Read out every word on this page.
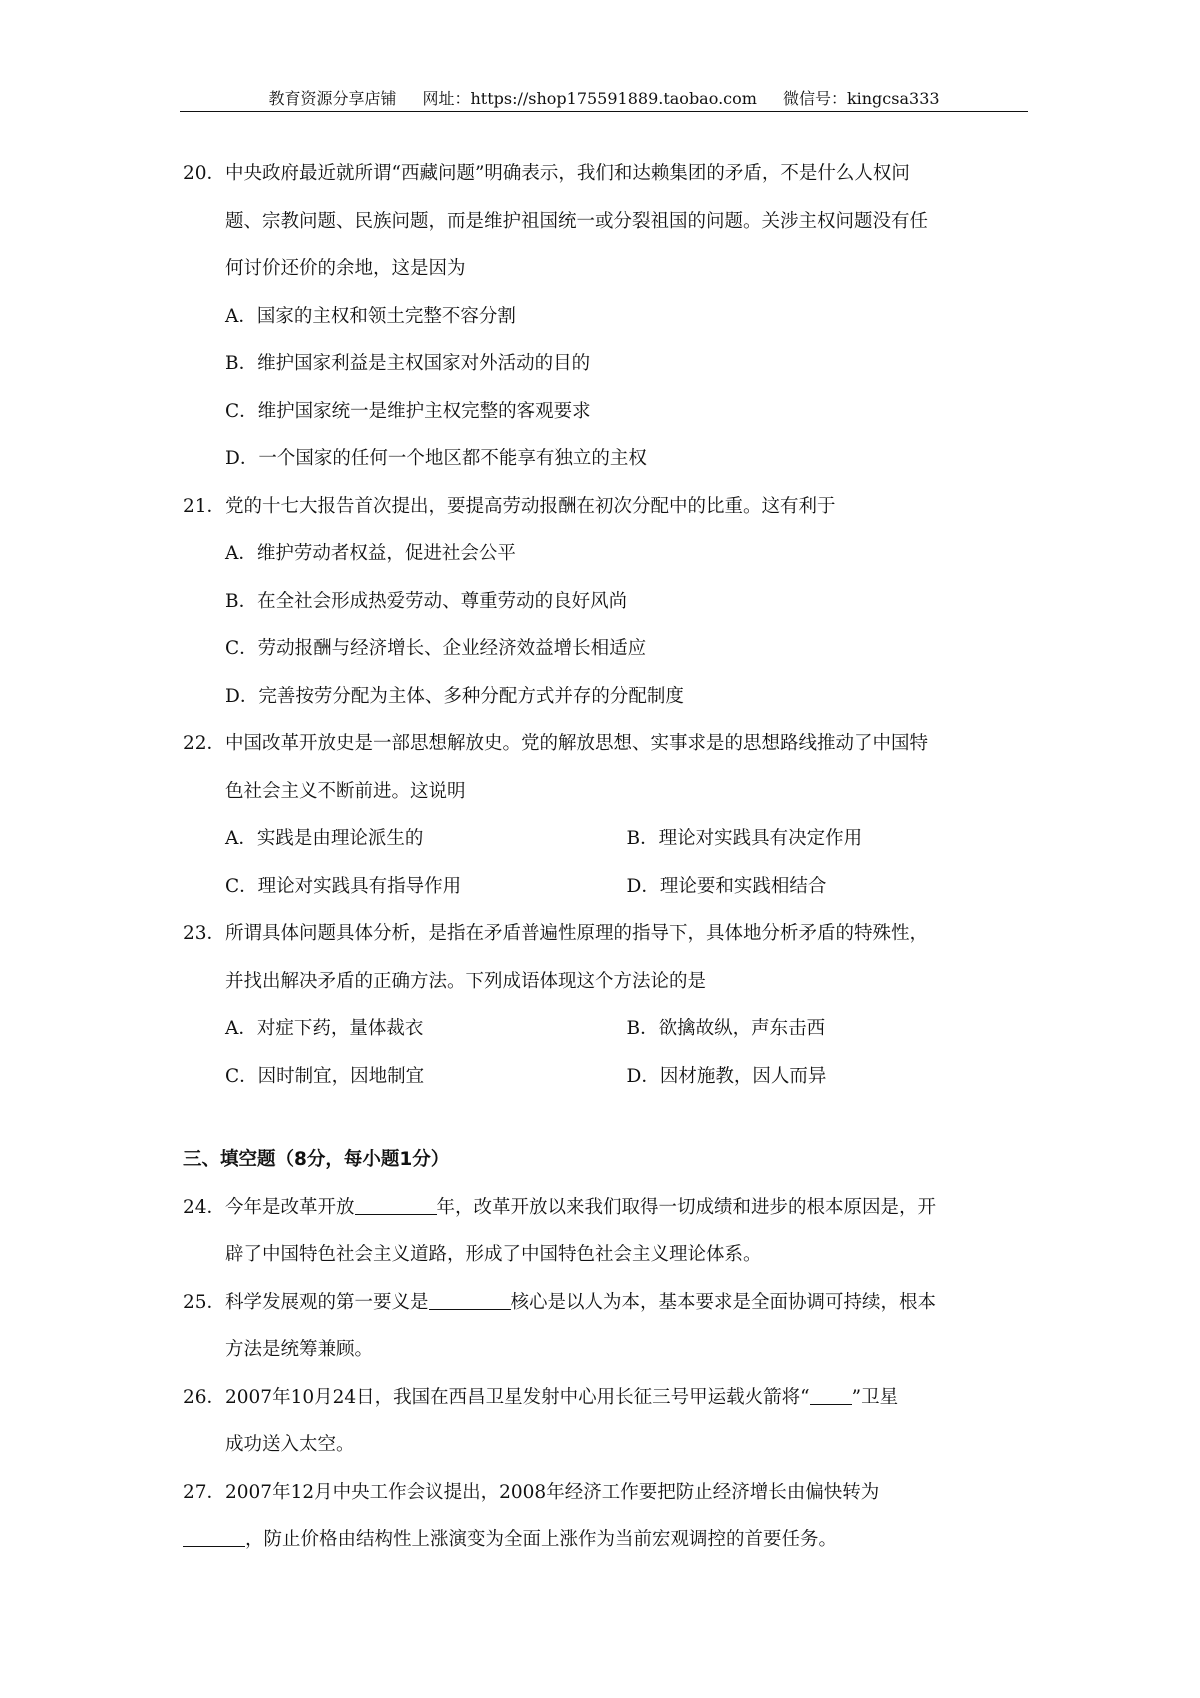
教育资源分享店铺 网址：https://shop175591889.taobao.com 微信号：kingcsa333
20． 中央政府最近就所谓“西藏问题”明确表示，我们和达赖集团的矛盾，不是什么人权问
题、宗教问题、民族问题，而是维护祖国统一或分裂祖国的问题。关涉主权问题没有任
何讨价还价的余地，这是因为
A．国家的主权和领土完整不容分割
B．维护国家利益是主权国家对外活动的目的
C．维护国家统一是维护主权完整的客观要求
D．一个国家的任何一个地区都不能享有独立的主权
21． 党的十七大报告首次提出，要提高劳动报酬在初次分配中的比重。这有利于
A．维护劳动者权益，促进社会公平
B．在全社会形成热爱劳动、尊重劳动的良好风尚
C．劳动报酬与经济增长、企业经济效益增长相适应
D．完善按劳分配为主体、多种分配方式并存的分配制度
22． 中国改革开放史是一部思想解放史。党的解放思想、实事求是的思想路线推动了中国特
色社会主义不断前进。这说明
A．实践是由理论派生的	B．理论对实践具有决定作用
C．理论对实践具有指导作用	D．理论要和实践相结合
23． 所谓具体问题具体分析，是指在矛盾普遍性原理的指导下，具体地分析矛盾的特殊性，
并找出解决矛盾的正确方法。下列成语体现这个方法论的是
A．对症下药，量体裁衣	B．欲擒故纵，声东击西
C．因时制宜，因地制宜	D．因材施教，因人而异
三、填空题（8分，每小题1分）
24． 今年是改革开放	年，改革开放以来我们取得一切成绩和进步的根本原因是，开
辟了中国特色社会主义道路，形成了中国特色社会主义理论体系。
25． 科学发展观的第一要义是	核心是以人为本，基本要求是全面协调可持续，根本
方法是统筹兼顾。
26． 2007年10月24日，我国在西昌卫星发射中心用长征三号甲运载火箭将“ ”卫星
成功送入太空。
27． 2007年12月中央工作会议提出，2008年经济工作要把防止经济增长由偏快转为
，防止价格由结构性上涨演变为全面上涨作为当前宏观调控的首要任务。
